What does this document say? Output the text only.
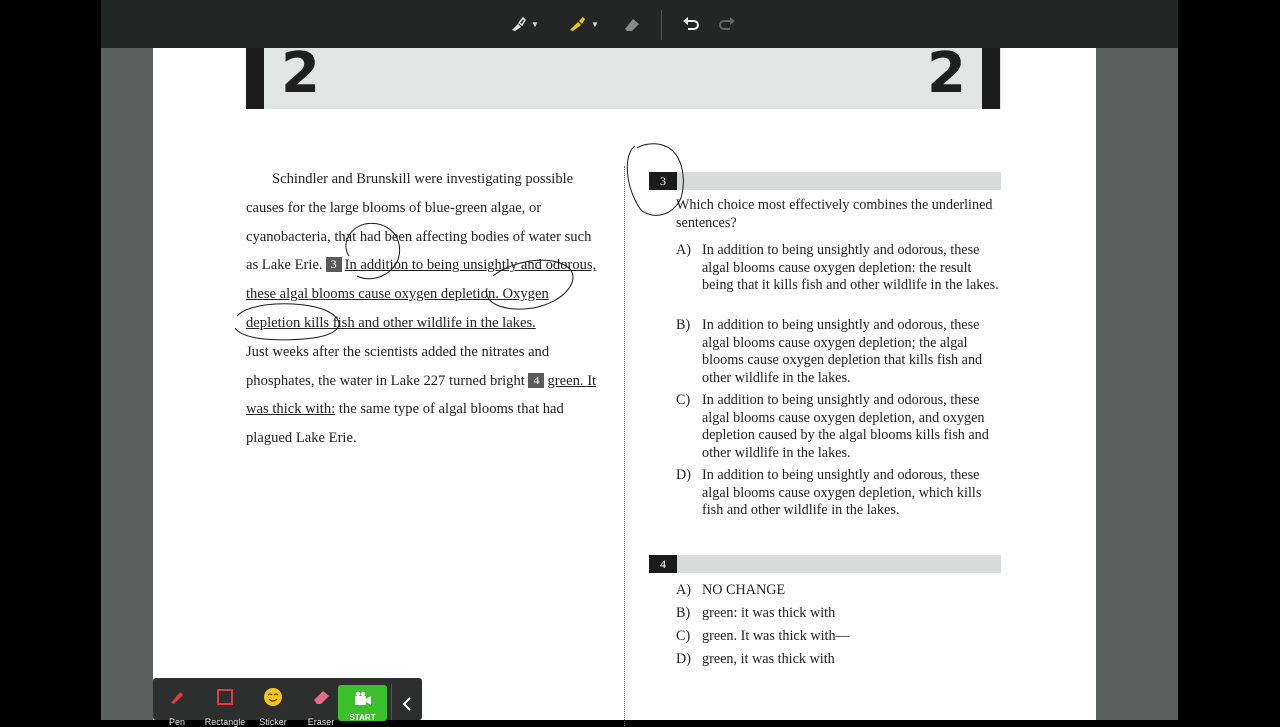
▼	▼
2	2

Schindler and Brunskill were investigating possible causes for the large blooms of blue-green algae, or cyanobacteria, that had been affecting bodies of water such as Lake Erie. 3 In addition to being unsightly and odorous, these algal blooms cause oxygen depletion. Oxygen depletion kills fish and other wildlife in the lakes.

Just weeks after the scientists added the nitrates and phosphates, the water in Lake 227 turned bright 4 green. It was thick with: the same type of algal blooms that had plagued Lake Erie.

3
Which choice most effectively combines the underlined sentences?
A) In addition to being unsightly and odorous, these algal blooms cause oxygen depletion: the result being that it kills fish and other wildlife in the lakes.
B) In addition to being unsightly and odorous, these algal blooms cause oxygen depletion; the algal blooms cause oxygen depletion that kills fish and other wildlife in the lakes.
C) In addition to being unsightly and odorous, these algal blooms cause oxygen depletion, and oxygen depletion caused by the algal blooms kills fish and other wildlife in the lakes.
D) In addition to being unsightly and odorous, these algal blooms cause oxygen depletion, which kills fish and other wildlife in the lakes.
4
A) NO CHANGE
B) green: it was thick with
C) green. It was thick with—
D) green, it was thick with
Pen	Rectangle	Sticker	Eraser	START
